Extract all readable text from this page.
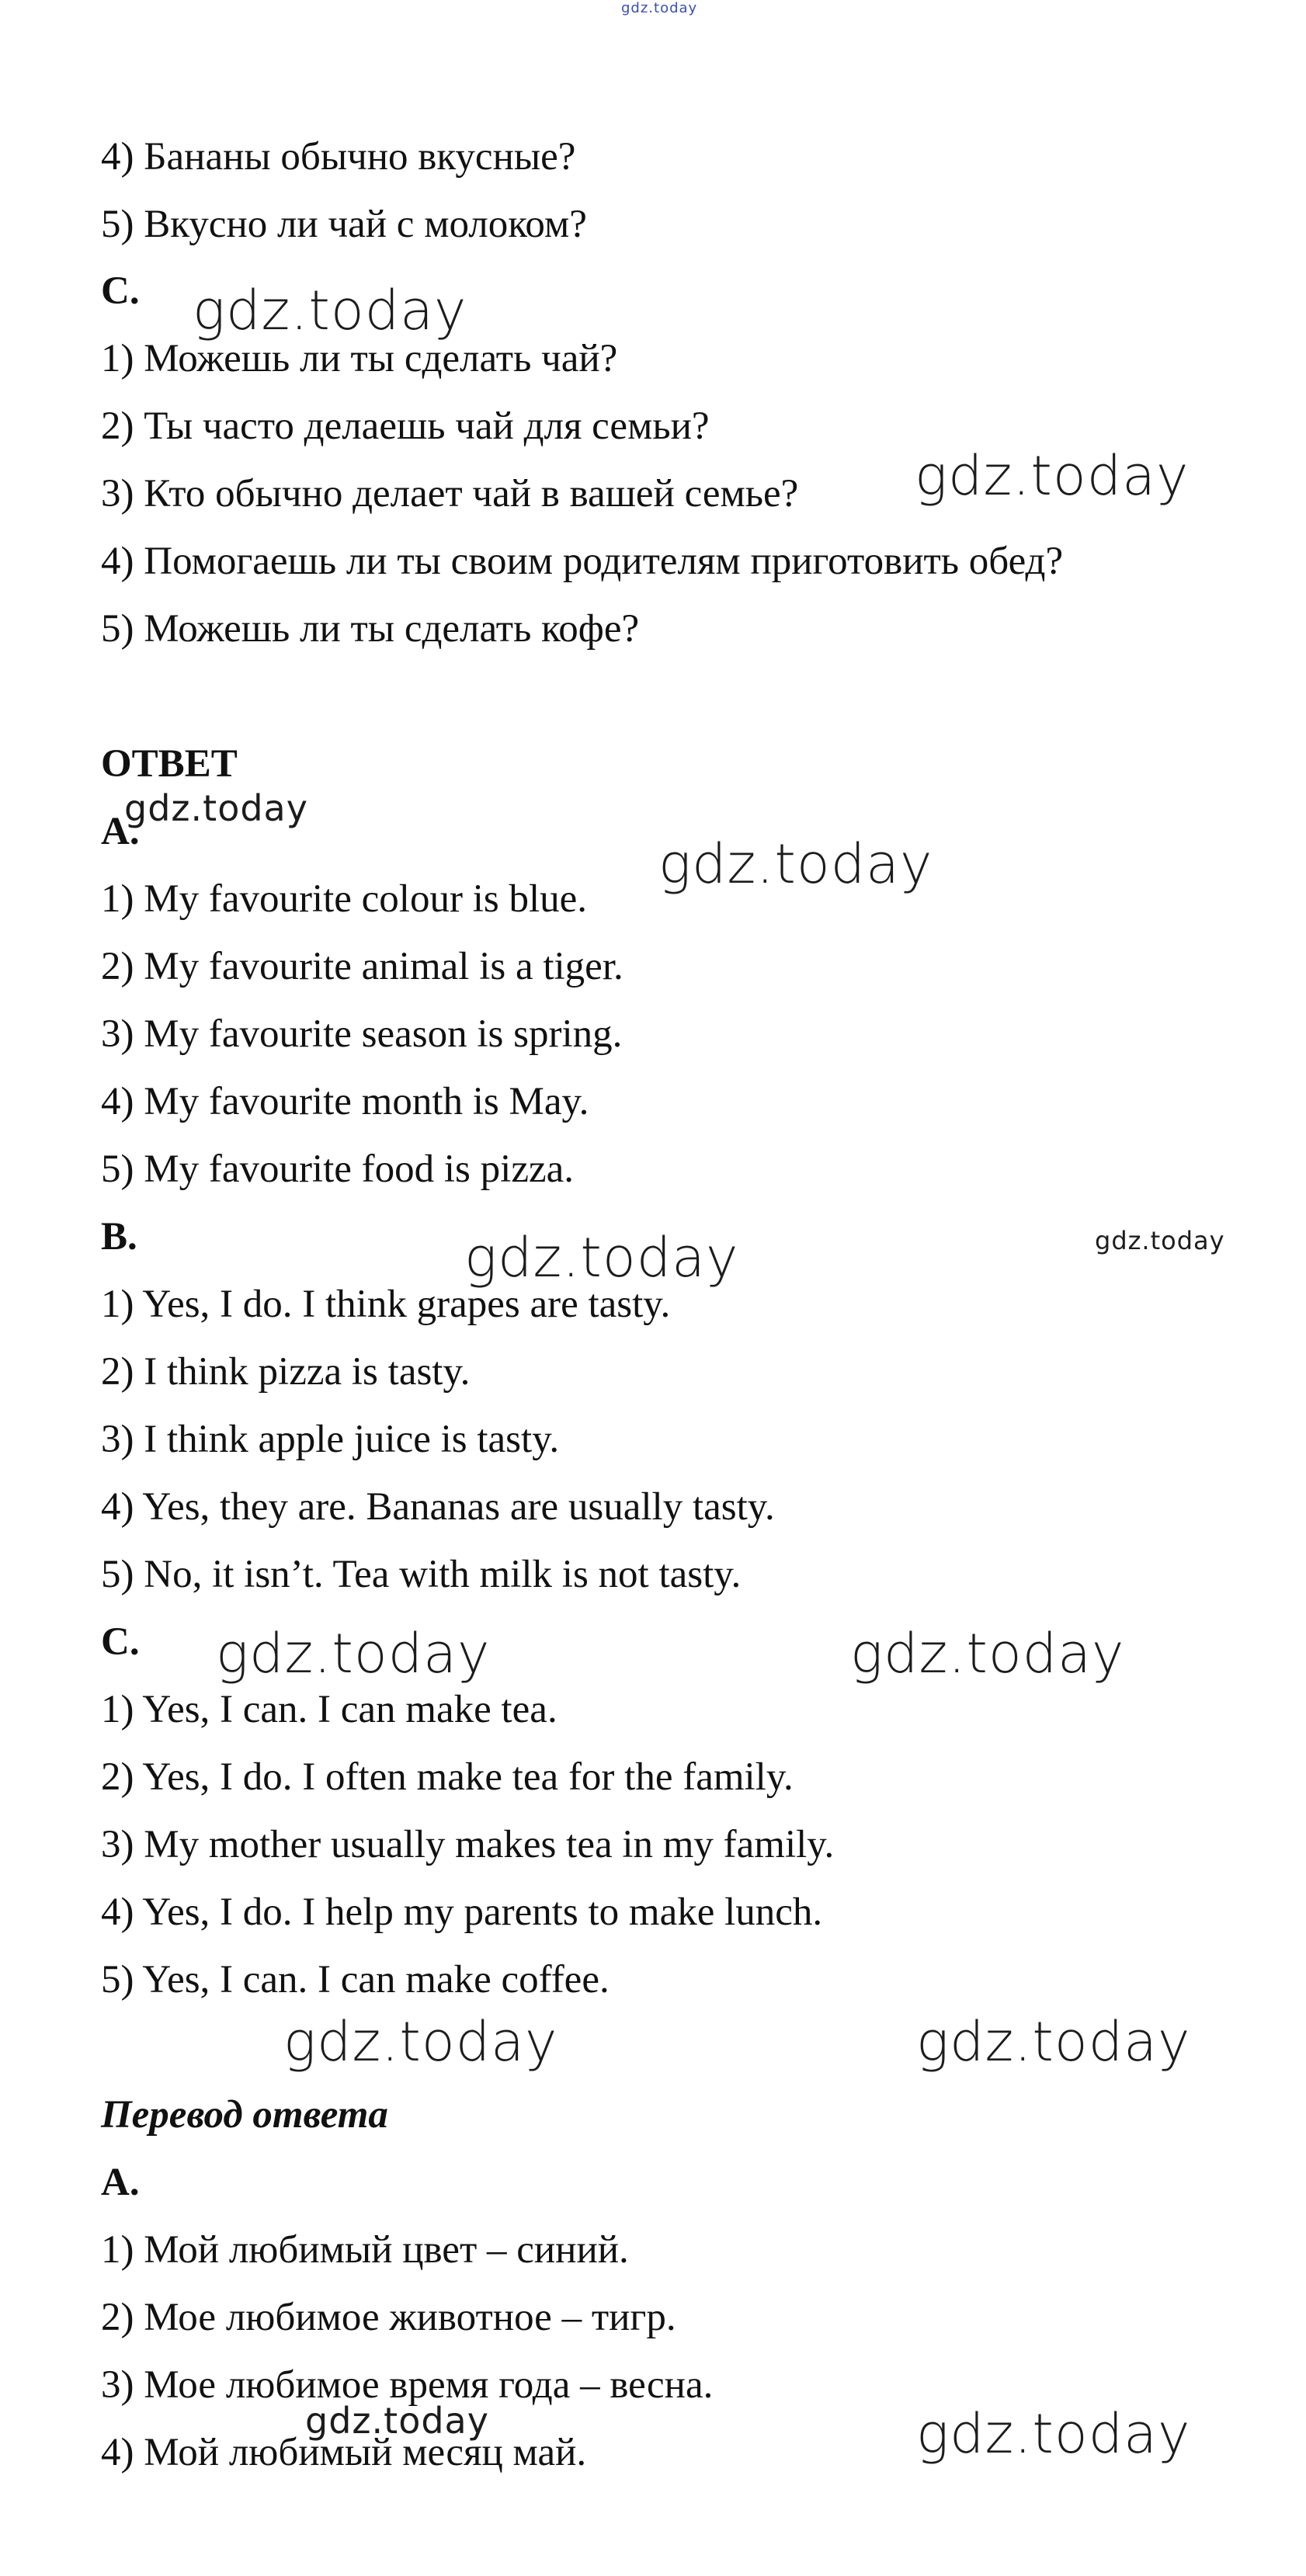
gdz.today
4) Бананы обычно вкусные?
5) Вкусно ли чай с молоком?
C.
1) Можешь ли ты сделать чай?
2) Ты часто делаешь чай для семьи?
3) Кто обычно делает чай в вашей семье?
4) Помогаешь ли ты своим родителям приготовить обед?
5) Можешь ли ты сделать кофе?
ОТВЕТ
A.
1) My favourite colour is blue.
2) My favourite animal is a tiger.
3) My favourite season is spring.
4) My favourite month is May.
5) My favourite food is pizza.
B.
1) Yes, I do. I think grapes are tasty.
2) I think pizza is tasty.
3) I think apple juice is tasty.
4) Yes, they are. Bananas are usually tasty.
5) No, it isn’t. Tea with milk is not tasty.
C.
1) Yes, I can. I can make tea.
2) Yes, I do. I often make tea for the family.
3) My mother usually makes tea in my family.
4) Yes, I do. I help my parents to make lunch.
5) Yes, I can. I can make coffee.
Перевод ответа
A.
1) Мой любимый цвет – синий.
2) Мое любимое животное – тигр.
3) Мое любимое время года – весна.
4) Мой любимый месяц май.
gdz.today
gdz.today
gdz.today
gdz.today
gdz.today	gdz.today
gdz.today	gdz.today
gdz.today	gdz.today
gdz.today	gdz.today
